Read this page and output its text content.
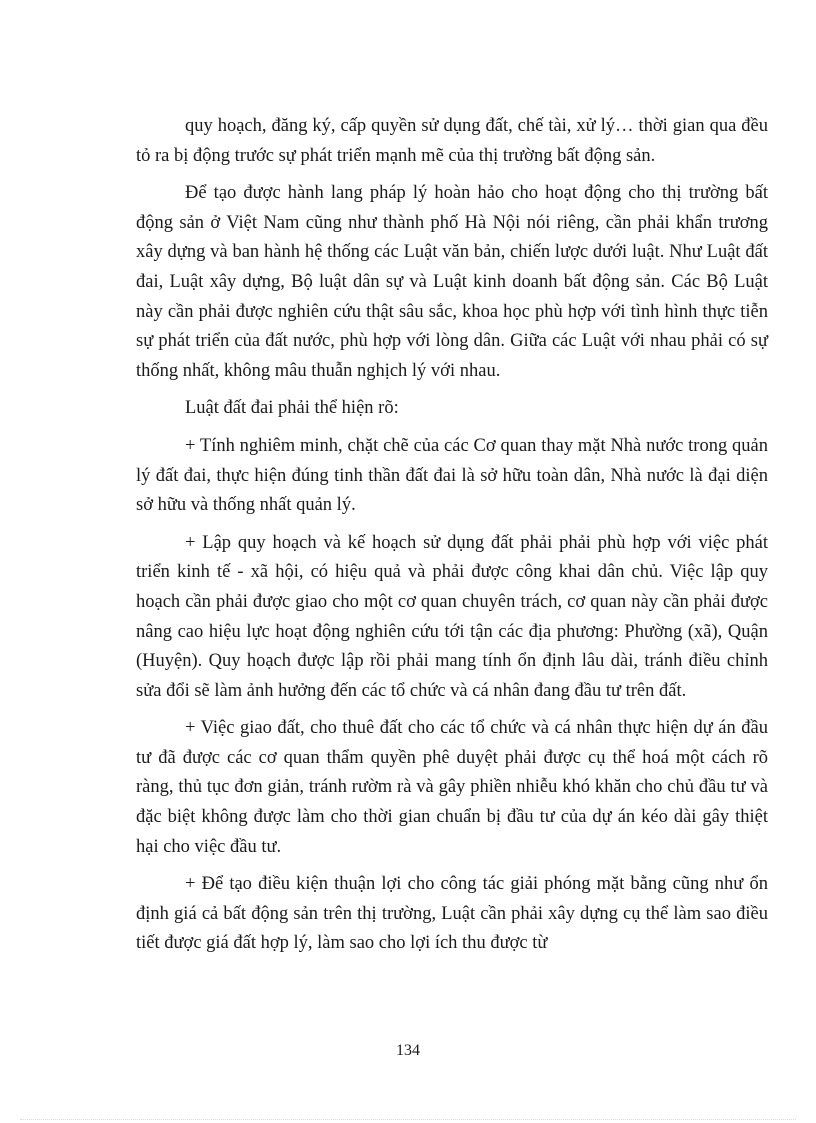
quy hoạch, đăng ký, cấp quyền sử dụng đất, chế tài, xử lý… thời gian qua đều tỏ ra bị động trước sự phát triển mạnh mẽ của thị trường bất động sản.

Để tạo được hành lang pháp lý hoàn hảo cho hoạt động cho thị trường bất động sản ở Việt Nam cũng như thành phố Hà Nội nói riêng, cần phải khẩn trương xây dựng và ban hành hệ thống các Luật văn bản, chiến lược dưới luật. Như Luật đất đai, Luật xây dựng, Bộ luật dân sự và Luật kinh doanh bất động sản. Các Bộ Luật này cần phải được nghiên cứu thật sâu sắc, khoa học phù hợp với tình hình thực tiễn sự phát triển của đất nước, phù hợp với lòng dân. Giữa các Luật với nhau phải có sự thống nhất, không mâu thuẫn nghịch lý với nhau.

Luật đất đai phải thể hiện rõ:

+ Tính nghiêm minh, chặt chẽ của các Cơ quan thay mặt Nhà nước trong quản lý đất đai, thực hiện đúng tinh thần đất đai là sở hữu toàn dân, Nhà nước là đại diện sở hữu và thống nhất quản lý.

+ Lập quy hoạch và kế hoạch sử dụng đất phải phải phù hợp với việc phát triển kinh tế - xã hội, có hiệu quả và phải được công khai dân chủ. Việc lập quy hoạch cần phải được giao cho một cơ quan chuyên trách, cơ quan này cần phải được nâng cao hiệu lực hoạt động nghiên cứu tới tận các địa phương: Phường (xã), Quận (Huyện). Quy hoạch được lập rồi phải mang tính ổn định lâu dài, tránh điều chỉnh sửa đổi sẽ làm ảnh hưởng đến các tổ chức và cá nhân đang đầu tư trên đất.

+ Việc giao đất, cho thuê đất cho các tổ chức và cá nhân thực hiện dự án đầu tư đã được các cơ quan thẩm quyền phê duyệt phải được cụ thể hoá một cách rõ ràng, thủ tục đơn giản, tránh rườm rà và gây phiền nhiễu khó khăn cho chủ đầu tư và đặc biệt không được làm cho thời gian chuẩn bị đầu tư của dự án kéo dài gây thiệt hại cho việc đầu tư.

+ Để tạo điều kiện thuận lợi cho công tác giải phóng mặt bằng cũng như ổn định giá cả bất động sản trên thị trường, Luật cần phải xây dựng cụ thể làm sao điều tiết được giá đất hợp lý, làm sao cho lợi ích thu được từ

134
